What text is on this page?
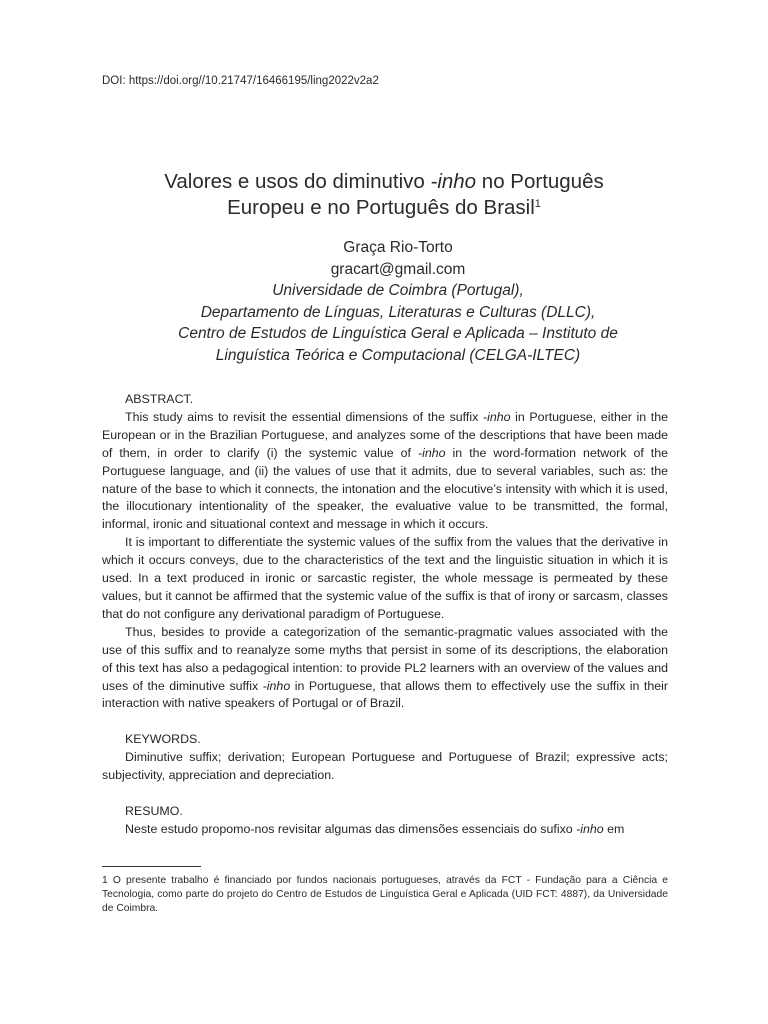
DOI: https://doi.org//10.21747/16466195/ling2022v2a2
Valores e usos do diminutivo -inho no Português
Europeu e no Português do Brasil$^1$
Graça Rio-Torto
gracart@gmail.com
Universidade de Coimbra (Portugal),
Departamento de Línguas, Literaturas e Culturas (DLLC),
Centro de Estudos de Linguística Geral e Aplicada – Instituto de
Linguística Teórica e Computacional (CELGA-ILTEC)

ABSTRACT.

This study aims to revisit the essential dimensions of the suffix -inho in Portuguese, either in the European or in the Brazilian Portuguese, and analyzes some of the descriptions that have been made of them, in order to clarify (i) the systemic value of -inho in the word-formation network of the Portuguese language, and (ii) the values of use that it admits, due to several variables, such as: the nature of the base to which it connects, the intonation and the elocutive’s intensity with which it is used, the illocutionary intentionality of the speaker, the evaluative value to be transmitted, the formal, informal, ironic and situational context and message in which it occurs.

It is important to differentiate the systemic values of the suffix from the values that the derivative in which it occurs conveys, due to the characteristics of the text and the linguistic situation in which it is used. In a text produced in ironic or sarcastic register, the whole message is permeated by these values, but it cannot be affirmed that the systemic value of the suffix is that of irony or sarcasm, classes that do not configure any derivational paradigm of Portuguese.

Thus, besides to provide a categorization of the semantic-pragmatic values associated with the use of this suffix and to reanalyze some myths that persist in some of its descriptions, the elaboration of this text has also a pedagogical intention: to provide PL2 learners with an overview of the values and uses of the diminutive suffix -inho in Portuguese, that allows them to effectively use the suffix in their interaction with native speakers of Portugal or of Brazil.

KEYWORDS.

Diminutive suffix; derivation; European Portuguese and Portuguese of Brazil; expressive acts; subjectivity, appreciation and depreciation.

RESUMO.

Neste estudo propomo-nos revisitar algumas das dimensões essenciais do sufixo -inho em

1 O presente trabalho é financiado por fundos nacionais portugueses, através da FCT - Fundação para a Ciência e Tecnologia, como parte do projeto do Centro de Estudos de Linguística Geral e Aplicada (UID FCT: 4887), da Universidade de Coimbra.
